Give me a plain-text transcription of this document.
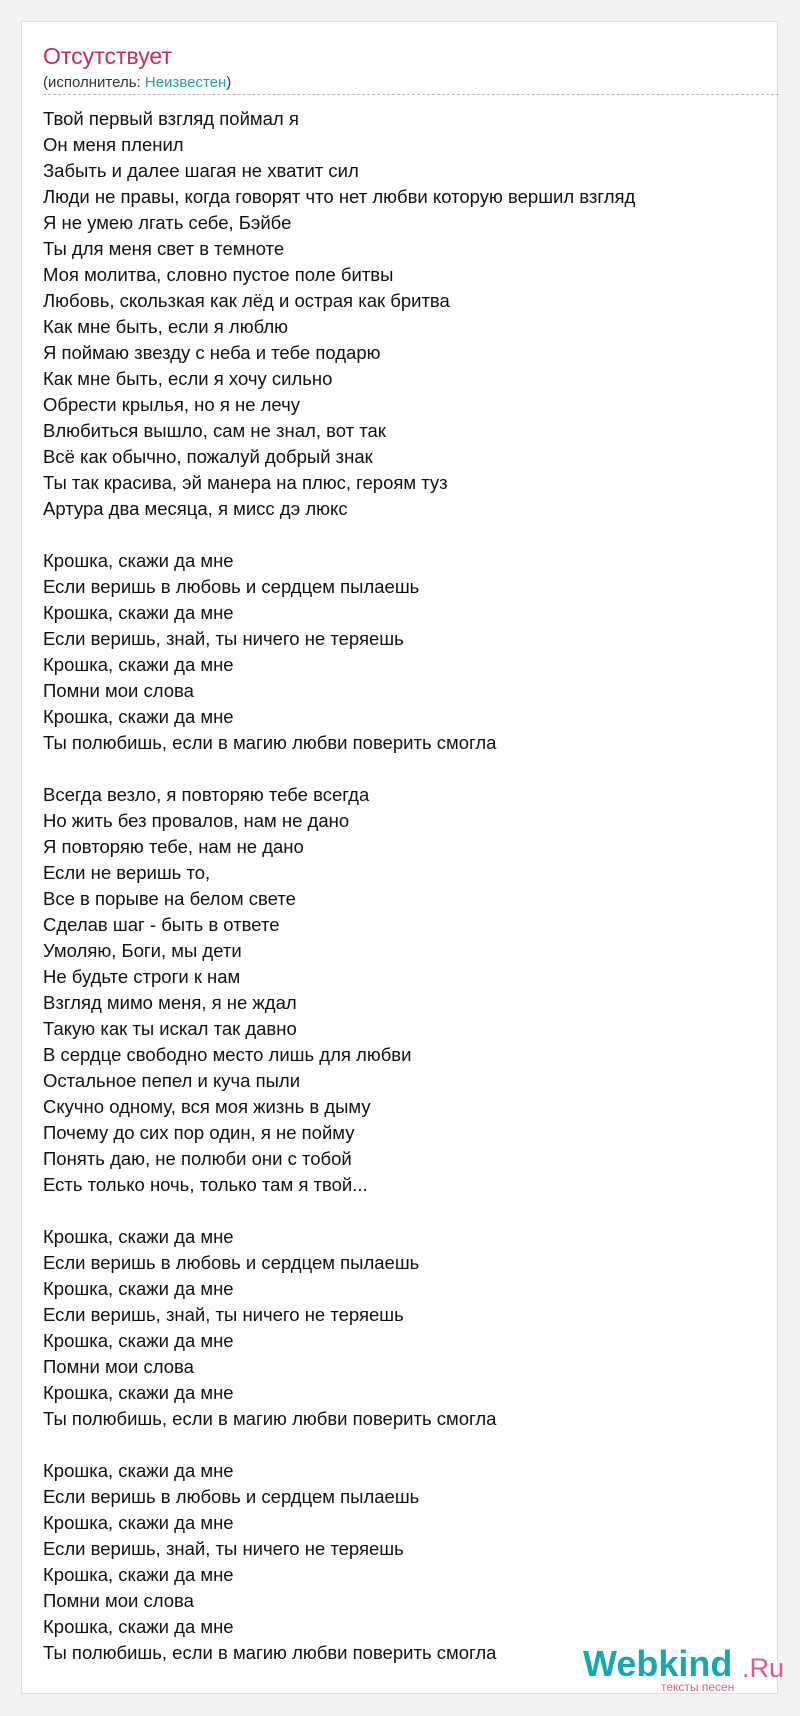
Отсутствует
(исполнитель: Неизвестен)
Твой первый взгляд поймал я
Он меня пленил
Забыть и далее шагая не хватит сил
Люди не правы, когда говорят что нет любви которую вершил взгляд
Я не умею лгать себе, Бэйбе
Ты для меня свет в темноте
Моя молитва, словно пустое поле битвы
Любовь, скользкая как лёд и острая как бритва
Как мне быть, если я люблю
Я поймаю звезду с неба и тебе подарю
Как мне быть, если я хочу сильно
Обрести крылья, но я не лечу
Влюбиться вышло, сам не знал, вот так
Всё как обычно, пожалуй добрый знак
Ты так красива, эй манера на плюс, героям туз
Артура два месяца, я мисс дэ люкс
Крошка, скажи да мне
Если веришь в любовь и сердцем пылаешь
Крошка, скажи да мне
Если веришь, знай, ты ничего не теряешь
Крошка, скажи да мне
Помни мои слова
Крошка, скажи да мне
Ты полюбишь, если в магию любви поверить смогла
Всегда везло, я повторяю тебе всегда
Но жить без провалов, нам не дано
Я повторяю тебе, нам не дано
Если не веришь то,
Все в порыве на белом свете
Сделав шаг - быть в ответе
Умоляю, Боги, мы дети
Не будьте строги к нам
Взгляд мимо меня, я не ждал
Такую как ты искал так давно
В сердце свободно место лишь для любви
Остальное пепел и куча пыли
Скучно одному, вся моя жизнь в дыму
Почему до сих пор один, я не пойму
Понять даю, не полюби они с тобой
Есть только ночь, только там я твой...
Крошка, скажи да мне
Если веришь в любовь и сердцем пылаешь
Крошка, скажи да мне
Если веришь, знай, ты ничего не теряешь
Крошка, скажи да мне
Помни мои слова
Крошка, скажи да мне
Ты полюбишь, если в магию любви поверить смогла
Крошка, скажи да мне
Если веришь в любовь и сердцем пылаешь
Крошка, скажи да мне
Если веришь, знай, ты ничего не теряешь
Крошка, скажи да мне
Помни мои слова
Крошка, скажи да мне
Ты полюбишь, если в магию любви поверить смогла	Webkind .Ru
тексты песен
